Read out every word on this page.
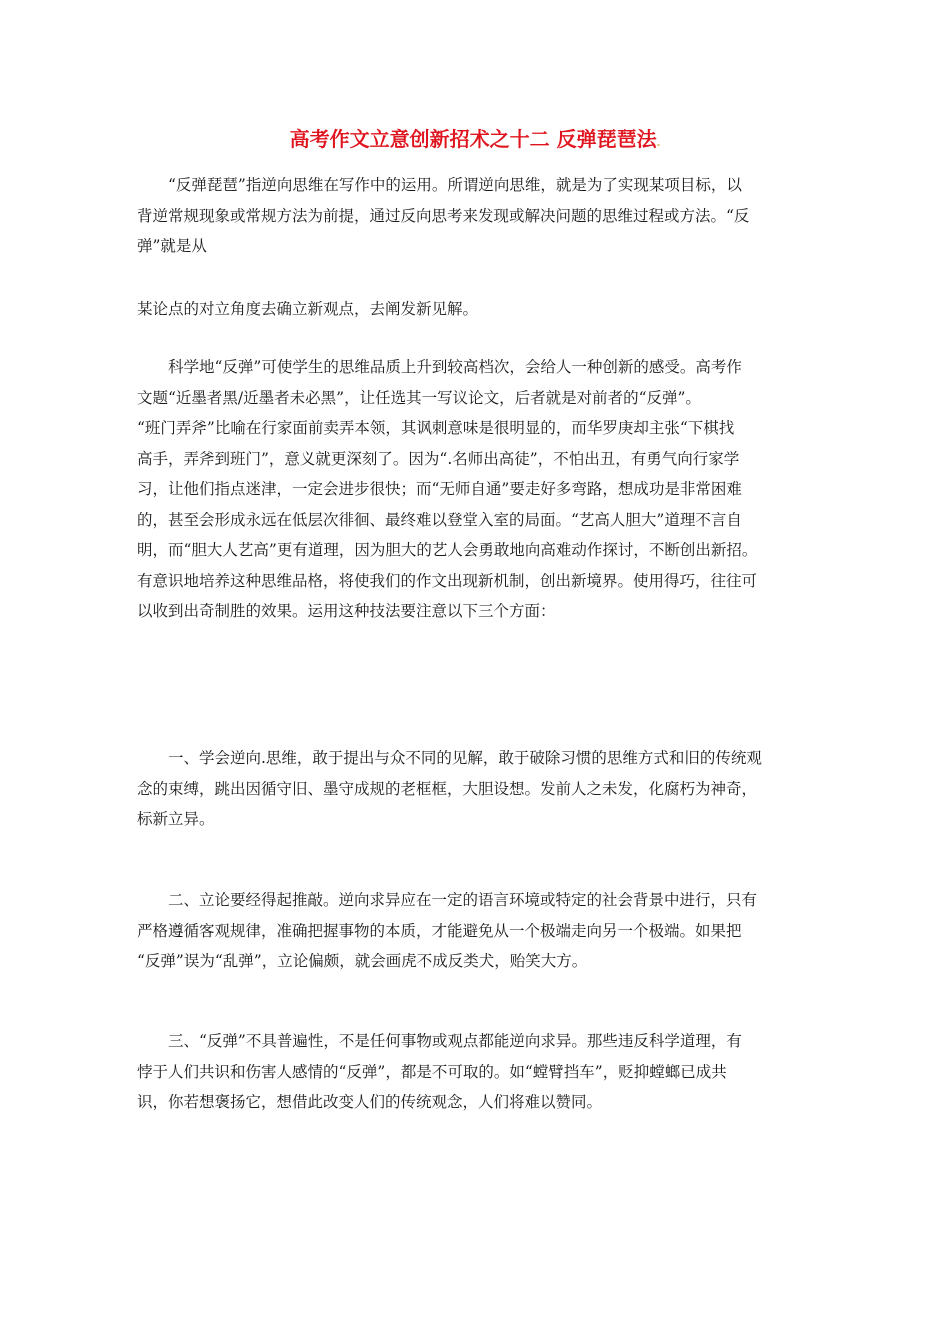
高考作文立意创新招术之十二 反弹琵琶法.
　　“反弹琵琶”指逆向思维在写作中的运用。所谓逆向思维，就是为了实现某项目标，以
背逆常规现象或常规方法为前提，通过反向思考来发现或解决问题的思维过程或方法。“反
弹”就是从
某论点的对立角度去确立新观点，去阐发新见解。
　　科学地“反弹”可使学生的思维品质上升到较高档次，会给人一种创新的感受。高考作
文题“近墨者黑/近墨者未必黑”，让任选其一写议论文，后者就是对前者的“反弹”。
“班门弄斧”比喻在行家面前卖弄本领，其讽刺意味是很明显的，而华罗庚却主张“下棋找
高手，弄斧到班门”，意义就更深刻了。因为“.名师出高徒”，不怕出丑，有勇气向行家学
习，让他们指点迷津，一定会进步很快；而“无师自通”要走好多弯路，想成功是非常困难
的，甚至会形成永远在低层次徘徊、最终难以登堂入室的局面。“艺高人胆大”道理不言自
明，而“胆大人艺高”更有道理，因为胆大的艺人会勇敢地向高难动作探讨，不断创出新招。
有意识地培养这种思维品格，将使我们的作文出现新机制，创出新境界。使用得巧，往往可
以收到出奇制胜的效果。运用这种技法要注意以下三个方面：
　　一、学会逆向.思维，敢于提出与众不同的见解，敢于破除习惯的思维方式和旧的传统观
念的束缚，跳出因循守旧、墨守成规的老框框，大胆设想。发前人之未发，化腐朽为神奇，
标新立异。
　　二、立论要经得起推敲。逆向求异应在一定的语言环境或特定的社会背景中进行，只有
严格遵循客观规律，准确把握事物的本质，才能避免从一个极端走向另一个极端。如果把
“反弹”误为“乱弹”，立论偏颇，就会画虎不成反类犬，贻笑大方。
　　三、“反弹”不具普遍性，不是任何事物或观点都能逆向求异。那些违反科学道理，有
悖于人们共识和伤害人感情的“反弹”，都是不可取的。如“螳臂挡车”，贬抑螳螂已成共
识，你若想褒扬它，想借此改变人们的传统观念，人们将难以赞同。
